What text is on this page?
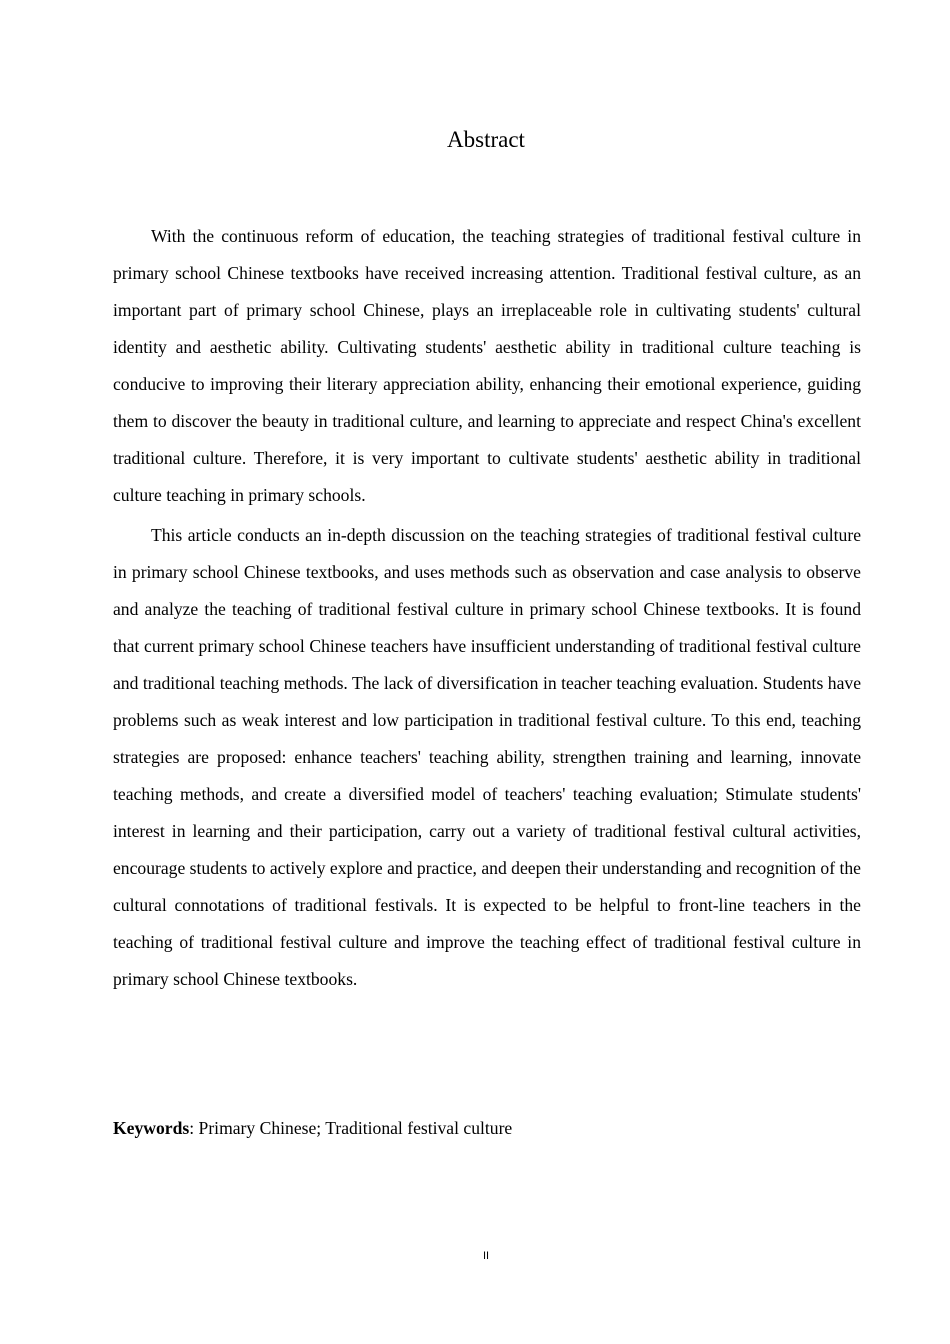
Abstract

With the continuous reform of education, the teaching strategies of traditional festival culture in primary school Chinese textbooks have received increasing attention. Traditional festival culture, as an important part of primary school Chinese, plays an irreplaceable role in cultivating students' cultural identity and aesthetic ability. Cultivating students' aesthetic ability in traditional culture teaching is conducive to improving their literary appreciation ability, enhancing their emotional experience, guiding them to discover the beauty in traditional culture, and learning to appreciate and respect China's excellent traditional culture. Therefore, it is very important to cultivate students' aesthetic ability in traditional culture teaching in primary schools.

This article conducts an in-depth discussion on the teaching strategies of traditional festival culture in primary school Chinese textbooks, and uses methods such as observation and case analysis to observe and analyze the teaching of traditional festival culture in primary school Chinese textbooks. It is found that current primary school Chinese teachers have insufficient understanding of traditional festival culture and traditional teaching methods. The lack of diversification in teacher teaching evaluation. Students have problems such as weak interest and low participation in traditional festival culture. To this end, teaching strategies are proposed: enhance teachers' teaching ability, strengthen training and learning, innovate teaching methods, and create a diversified model of teachers' teaching evaluation; Stimulate students' interest in learning and their participation, carry out a variety of traditional festival cultural activities, encourage students to actively explore and practice, and deepen their understanding and recognition of the cultural connotations of traditional festivals. It is expected to be helpful to front-line teachers in the teaching of traditional festival culture and improve the teaching effect of traditional festival culture in primary school Chinese textbooks.

Keywords: Primary Chinese; Traditional festival culture

II
